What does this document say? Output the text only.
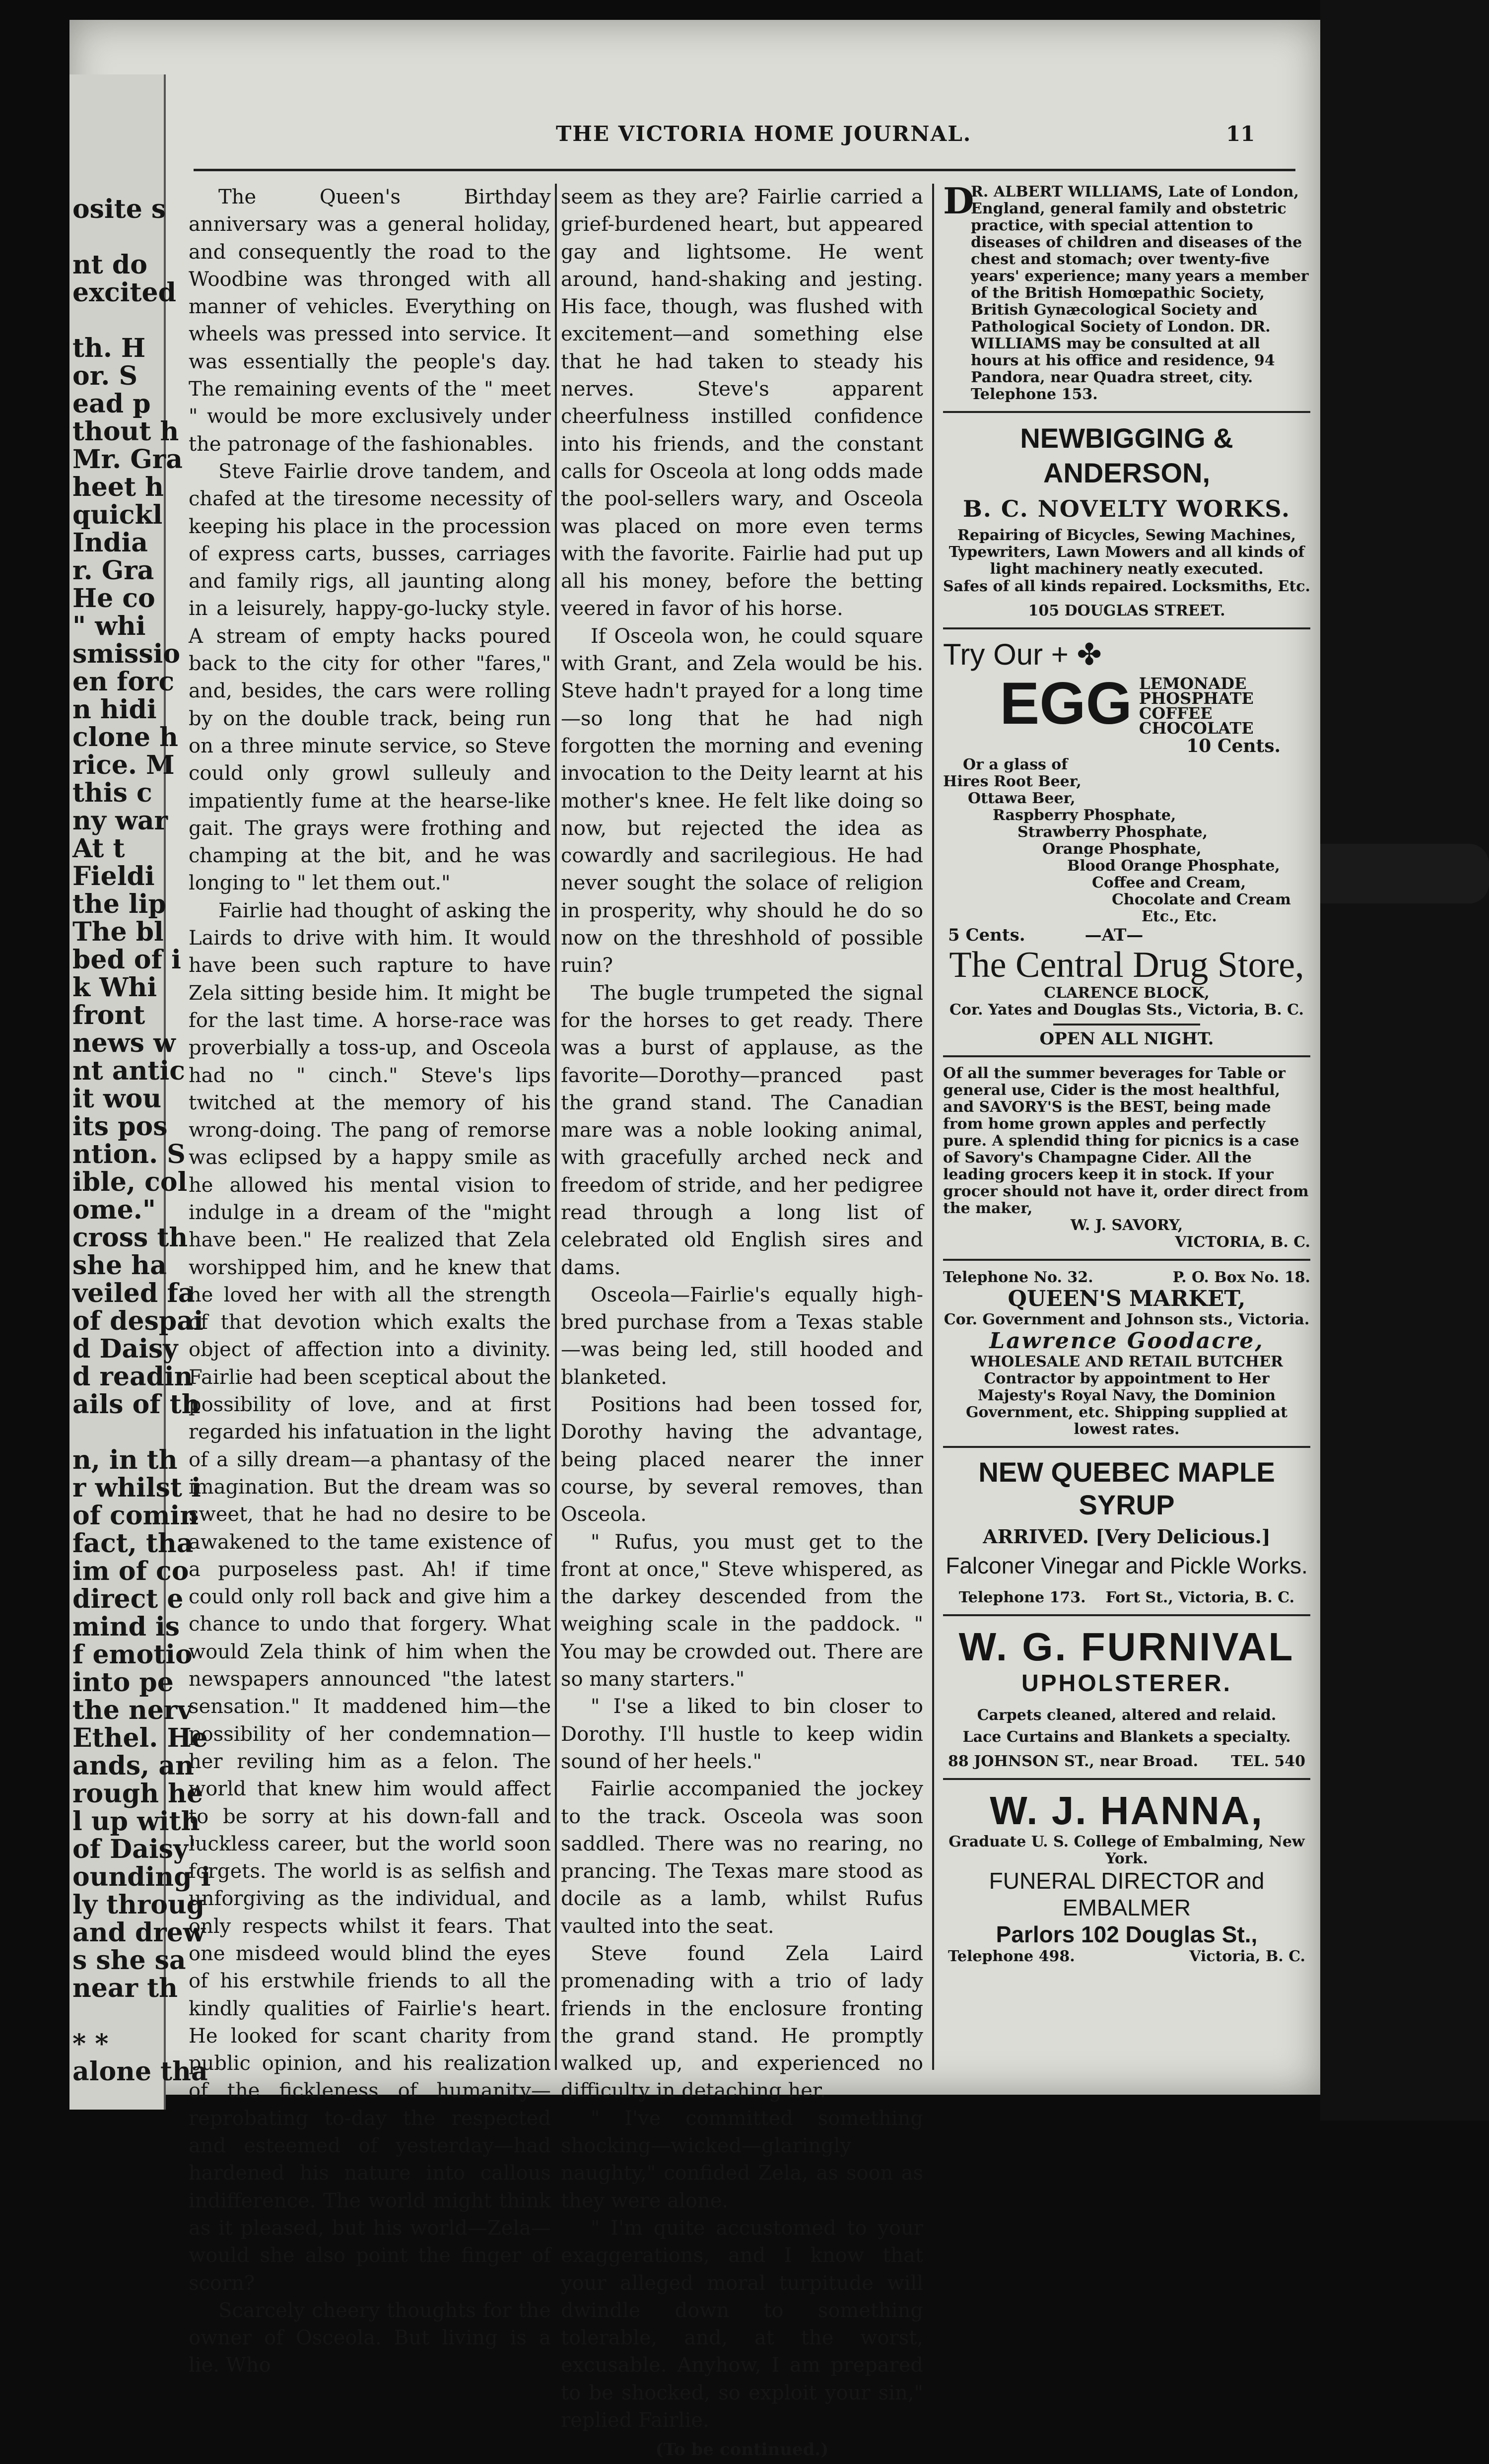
osite s
nt do
excited
th. H
or. S
ead p
thout h
Mr. Gra
heet h
quickl
India
r. Gra
He co
" whi
smissio
en forc
n hidi
clone h
rice. M
this c
ny war
At t
Fieldi
the lip
The bl
bed of i
k Whi
front
news w
nt antic
it wou
its pos
ntion. S
ible, col
ome."
cross th
she ha
veiled fa
of despai
d Daisy
d readin
ails of th
n, in th
r whilst i
of comin
fact, tha
im of co
direct e
mind is
f emotio
into pe
the nerv
Ethel. He
ands, an
rough he
l up with
of Daisy'
ounding i
ly throug
and drew
s she sa
near th
* *
alone tha
THE VICTORIA HOME JOURNAL.	11

The Queen's Birthday anniversary was a general holiday, and consequently the road to the Woodbine was thronged with all manner of vehicles. Everything on wheels was pressed into service. It was essentially the people's day. The remaining events of the " meet " would be more exclusively under the patronage of the fashionables.

Steve Fairlie drove tandem, and chafed at the tiresome necessity of keeping his place in the procession of express carts, busses, carriages and family rigs, all jaunting along in a leisurely, happy-go-lucky style. A stream of empty hacks poured back to the city for other "fares," and, besides, the cars were rolling by on the double track, being run on a three minute service, so Steve could only growl sulleuly and impatiently fume at the hearse-like gait. The grays were frothing and champing at the bit, and he was longing to " let them out."

Fairlie had thought of asking the Lairds to drive with him. It would have been such rapture to have Zela sitting beside him. It might be for the last time. A horse-race was proverbially a toss-up, and Osceola had no " cinch." Steve's lips twitched at the memory of his wrong-doing. The pang of remorse was eclipsed by a happy smile as he allowed his mental vision to indulge in a dream of the "might have been." He realized that Zela worshipped him, and he knew that he loved her with all the strength of that devotion which exalts the object of affection into a divinity. Fairlie had been sceptical about the possibility of love, and at first regarded his infatuation in the light of a silly dream—a phantasy of the imagination. But the dream was so sweet, that he had no desire to be awakened to the tame existence of a purposeless past. Ah! if time could only roll back and give him a chance to undo that forgery. What would Zela think of him when the newspapers announced "the latest sensation." It maddened him—the possibility of her condemnation—her reviling him as a felon. The world that knew him would affect to be sorry at his down-fall and luckless career, but the world soon forgets. The world is as selfish and unforgiving as the individual, and only respects whilst it fears. That one misdeed would blind the eyes of his erstwhile friends to all the kindly qualities of Fairlie's heart. He looked for scant charity from public opinion, and his realization of the fickleness of humanity—reprobating to-day the respected and esteemed of yesterday—had hardened his nature into callous indifference. The world might think as it pleased, but his world—Zela—would she also point the finger of scorn?

Scarcely cheery thoughts for the owner of Osceola. But living is a lie. Who

seem as they are? Fairlie carried a grief-burdened heart, but appeared gay and lightsome. He went around, hand-shaking and jesting. His face, though, was flushed with excitement—and something else that he had taken to steady his nerves. Steve's apparent cheerfulness instilled confidence into his friends, and the constant calls for Osceola at long odds made the pool-sellers wary, and Osceola was placed on more even terms with the favorite. Fairlie had put up all his money, before the betting veered in favor of his horse.

If Osceola won, he could square with Grant, and Zela would be his. Steve hadn't prayed for a long time—so long that he had nigh forgotten the morning and evening invocation to the Deity learnt at his mother's knee. He felt like doing so now, but rejected the idea as cowardly and sacrilegious. He had never sought the solace of religion in prosperity, why should he do so now on the threshhold of possible ruin?

The bugle trumpeted the signal for the horses to get ready. There was a burst of applause, as the favorite—Dorothy—pranced past the grand stand. The Canadian mare was a noble looking animal, with gracefully arched neck and freedom of stride, and her pedigree read through a long list of celebrated old English sires and dams.

Osceola—Fairlie's equally high-bred purchase from a Texas stable—was being led, still hooded and blanketed.

Positions had been tossed for, Dorothy having the advantage, being placed nearer the inner course, by several removes, than Osceola.

" Rufus, you must get to the front at once," Steve whispered, as the darkey descended from the weighing scale in the paddock. " You may be crowded out. There are so many starters."

" I'se a liked to bin closer to Dorothy. I'll hustle to keep widin sound of her heels."

Fairlie accompanied the jockey to the track. Osceola was soon saddled. There was no rearing, no prancing. The Texas mare stood as docile as a lamb, whilst Rufus vaulted into the seat.

Steve found Zela Laird promenading with a trio of lady friends in the enclosure fronting the grand stand. He promptly walked up, and experienced no difficulty in detaching her.

" I've committed something shocking—wicked—glaringly naughty," confided Zela, as soon as they were alone.

" I'm quite accustomed to your exaggerations, and I know that your alleged moral turpitude will dwindle down to something tolerable, and, at the worst, excusable. Anyhow, I am prepared to be shocked, so exploit your sin," replied Fairlie.

(To be continued.)
D
R. ALBERT WILLIAMS, Late of London, England, general family and obstetric practice, with special attention to diseases of children and diseases of the chest and stomach; over twenty-five years' experience; many years a member of the British Homœpathic Society, British Gynæcological Society and Pathological Society of London. DR. WILLIAMS may be consulted at all hours at his office and residence, 94 Pandora, near Quadra street, city. Telephone 153.
NEWBIGGING & ANDERSON,
B. C. NOVELTY WORKS.
Repairing of Bicycles, Sewing Machines, Typewriters, Lawn Mowers and all kinds of light machinery neatly executed.
Safes of all kinds repaired. Locksmiths, Etc.
105 DOUGLAS STREET.
Try Our + ✤
EGG LEMONADE
PHOSPHATE
COFFEE
CHOCOLATE
10 Cents.
Or a glass of
Hires Root Beer,
Ottawa Beer,
Raspberry Phosphate,
Strawberry Phosphate,
Orange Phosphate,
Blood Orange Phosphate,
Coffee and Cream,
Chocolate and Cream
Etc., Etc.
5 Cents.	—AT—
The Central Drug Store,
CLARENCE BLOCK,
Cor. Yates and Douglas Sts., Victoria, B. C.
OPEN ALL NIGHT.
Of all the summer beverages for Table or general use, Cider is the most healthful, and SAVORY'S is the BEST, being made from home grown apples and perfectly pure. A splendid thing for picnics is a case of Savory's Champagne Cider. All the leading grocers keep it in stock. If your grocer should not have it, order direct from the maker,
W. J. SAVORY,
VICTORIA, B. C.
Telephone No. 32.	P. O. Box No. 18.
QUEEN'S MARKET,
Cor. Government and Johnson sts., Victoria.
Lawrence Goodacre,
WHOLESALE AND RETAIL BUTCHER
Contractor by appointment to Her Majesty's Royal Navy, the Dominion Government, etc. Shipping supplied at lowest rates.
NEW QUEBEC MAPLE SYRUP
ARRIVED. [Very Delicious.]
Falconer Vinegar and Pickle Works.
Telephone 173. Fort St., Victoria, B. C.
W. G. FURNIVAL
UPHOLSTERER.
Carpets cleaned, altered and relaid.
Lace Curtains and Blankets a specialty.
88 JOHNSON ST., near Broad. TEL. 540
W. J. HANNA,
Graduate U. S. College of Embalming, New York.
FUNERAL DIRECTOR and EMBALMER
Parlors 102 Douglas St.,
Telephone 498.	Victoria, B. C.
